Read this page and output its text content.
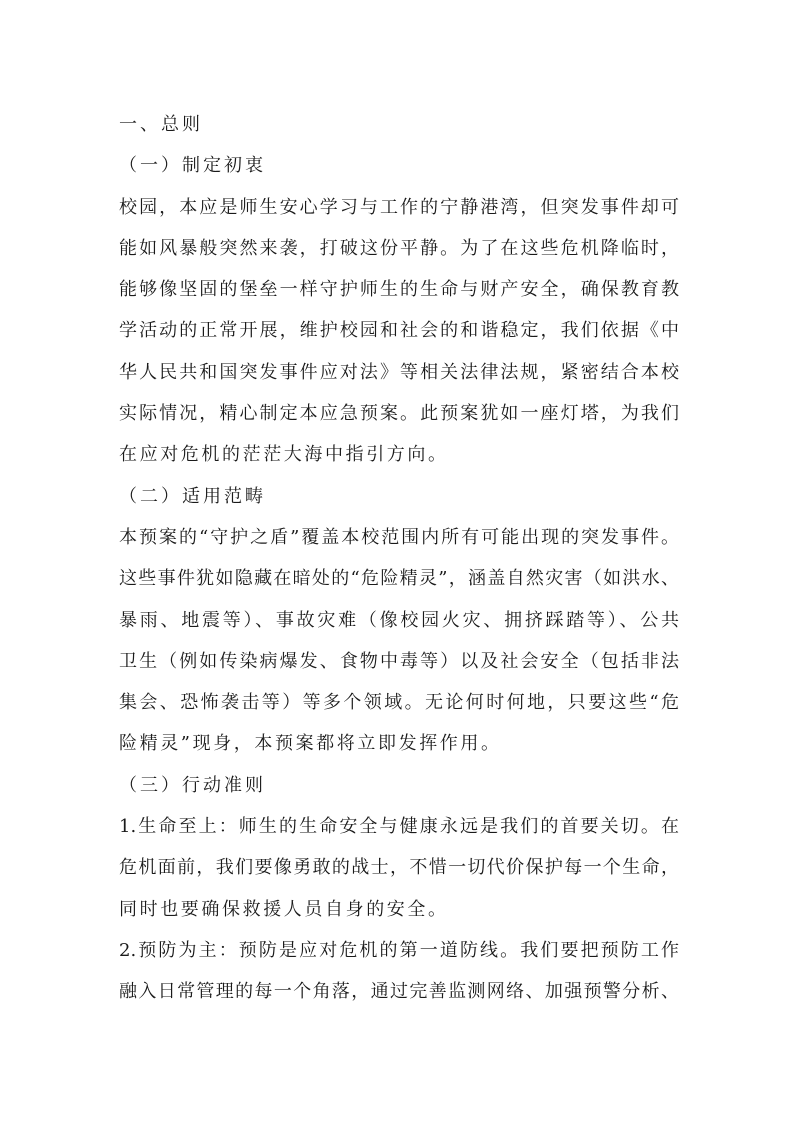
一、总则
（一）制定初衷
校园，本应是师生安心学习与工作的宁静港湾，但突发事件却可
能如风暴般突然来袭，打破这份平静。为了在这些危机降临时，
能够像坚固的堡垒一样守护师生的生命与财产安全，确保教育教
学活动的正常开展，维护校园和社会的和谐稳定，我们依据《中
华人民共和国突发事件应对法》等相关法律法规，紧密结合本校
实际情况，精心制定本应急预案。此预案犹如一座灯塔，为我们
在应对危机的茫茫大海中指引方向。
（二）适用范畴
本预案的“守护之盾”覆盖本校范围内所有可能出现的突发事件。
这些事件犹如隐藏在暗处的“危险精灵”，涵盖自然灾害（如洪水、
暴雨、地震等）、事故灾难（像校园火灾、拥挤踩踏等）、公共
卫生（例如传染病爆发、食物中毒等）以及社会安全（包括非法
集会、恐怖袭击等）等多个领域。无论何时何地，只要这些“危
险精灵”现身，本预案都将立即发挥作用。
（三）行动准则
1.生命至上：师生的生命安全与健康永远是我们的首要关切。在
危机面前，我们要像勇敢的战士，不惜一切代价保护每一个生命，
同时也要确保救援人员自身的安全。
2.预防为主：预防是应对危机的第一道防线。我们要把预防工作
融入日常管理的每一个角落，通过完善监测网络、加强预警分析、
